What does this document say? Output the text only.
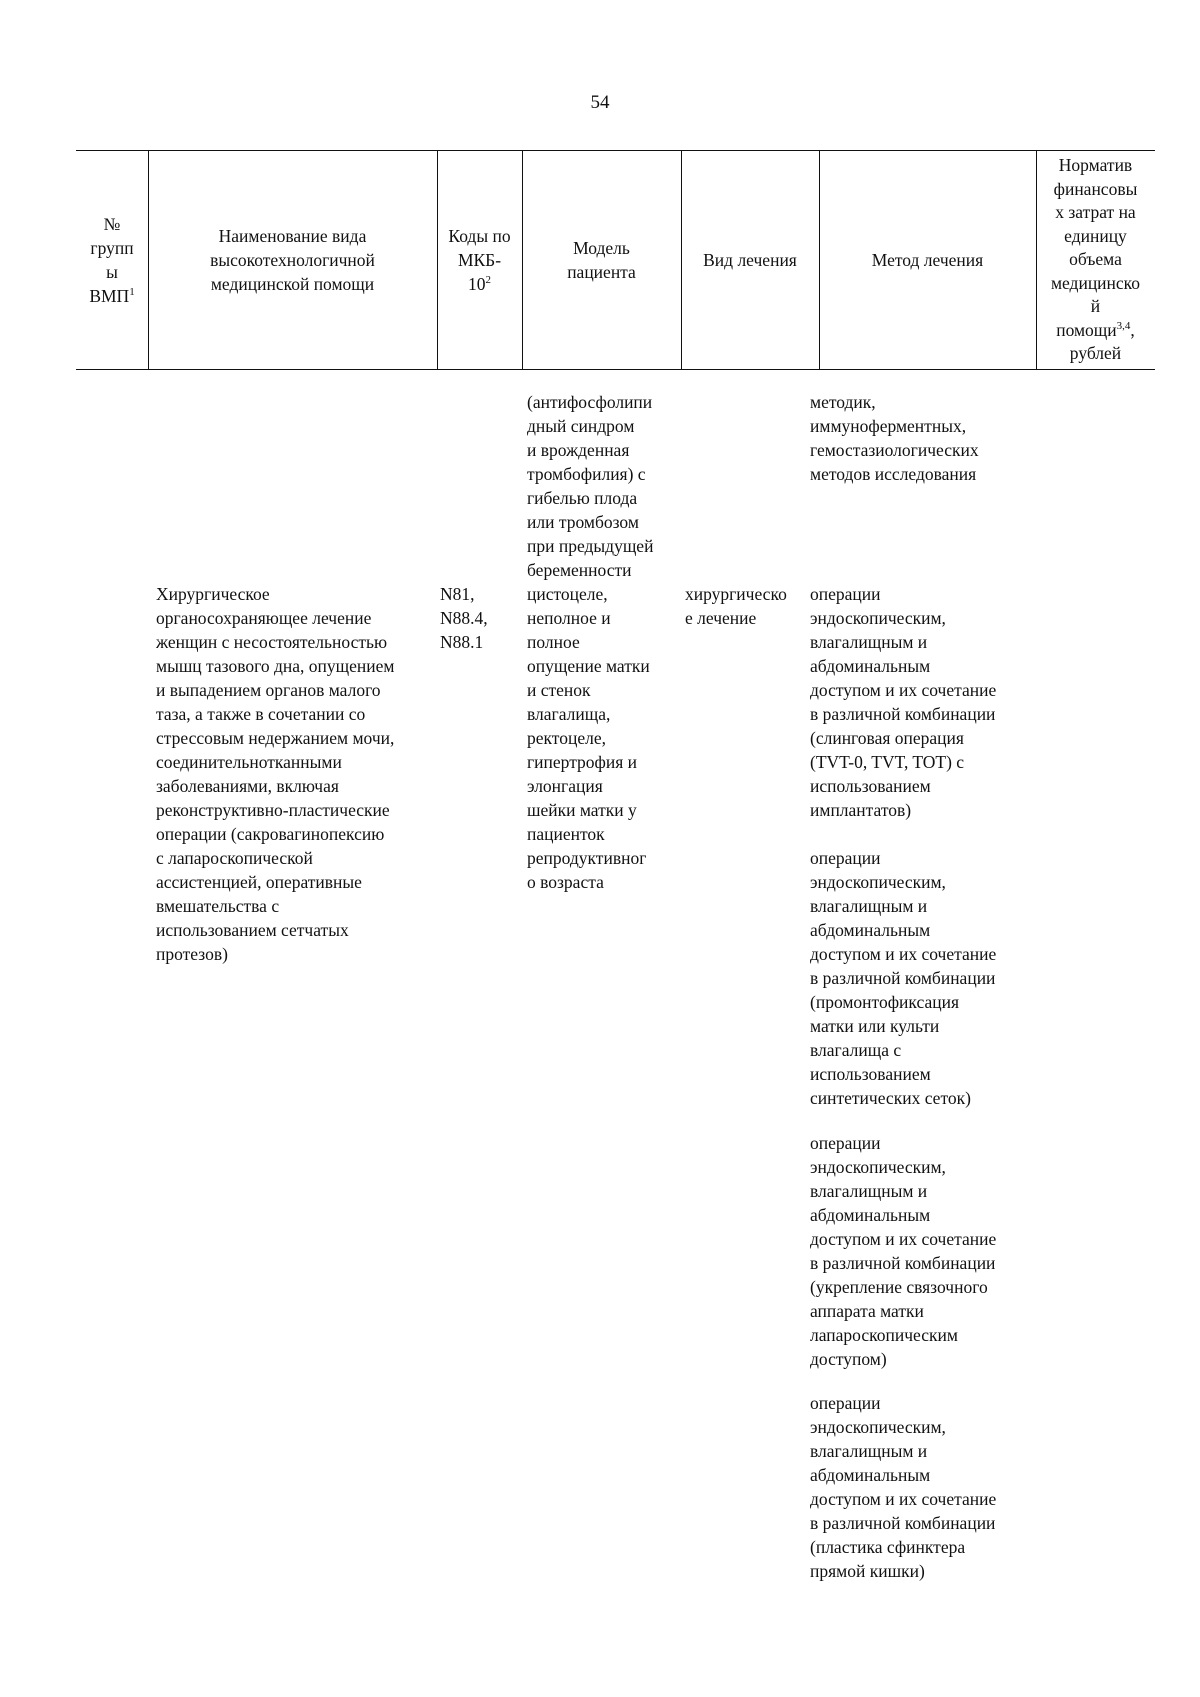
54
№
групп
ы
ВМП$^1$
Наименование вида
высокотехнологичной
медицинской помощи
Коды по
МКБ-
$10^2$
Модель
пациента
Вид лечения	Метод лечения
Норматив
финансовы
х затрат на
единицу
объема
медицинско
й
помощи$^{3,4}$,
рублей
(антифосфолипи
дный синдром
и врожденная
тромбофилия) с
гибелью плода
или тромбозом
при предыдущей
беременности
методик,
иммуноферментных,
гемостазиологических
методов исследования
Хирургическое
органосохраняющее лечение
женщин с несостоятельностью
мышц тазового дна, опущением
и выпадением органов малого
таза, а также в сочетании со
стрессовым недержанием мочи,
соединительнотканными
заболеваниями, включая
реконструктивно-пластические
операции (сакровагинопексию
с лапароскопической
ассистенцией, оперативные
вмешательства с
использованием сетчатых
протезов)
N81,
N88.4,
N88.1
цистоцеле,
неполное и
полное
опущение матки
и стенок
влагалища,
ректоцеле,
гипертрофия и
элонгация
шейки матки у
пациенток
репродуктивног
о возраста
хирургическо
е лечение
операции
эндоскопическим,
влагалищным и
абдоминальным
доступом и их сочетание
в различной комбинации
(слинговая операция
(TVT-0, TVT, TOT) с
использованием
имплантатов)
операции
эндоскопическим,
влагалищным и
абдоминальным
доступом и их сочетание
в различной комбинации
(промонтофиксация
матки или культи
влагалища с
использованием
синтетических сеток)
операции
эндоскопическим,
влагалищным и
абдоминальным
доступом и их сочетание
в различной комбинации
(укрепление связочного
аппарата матки
лапароскопическим
доступом)
операции
эндоскопическим,
влагалищным и
абдоминальным
доступом и их сочетание
в различной комбинации
(пластика сфинктера
прямой кишки)
